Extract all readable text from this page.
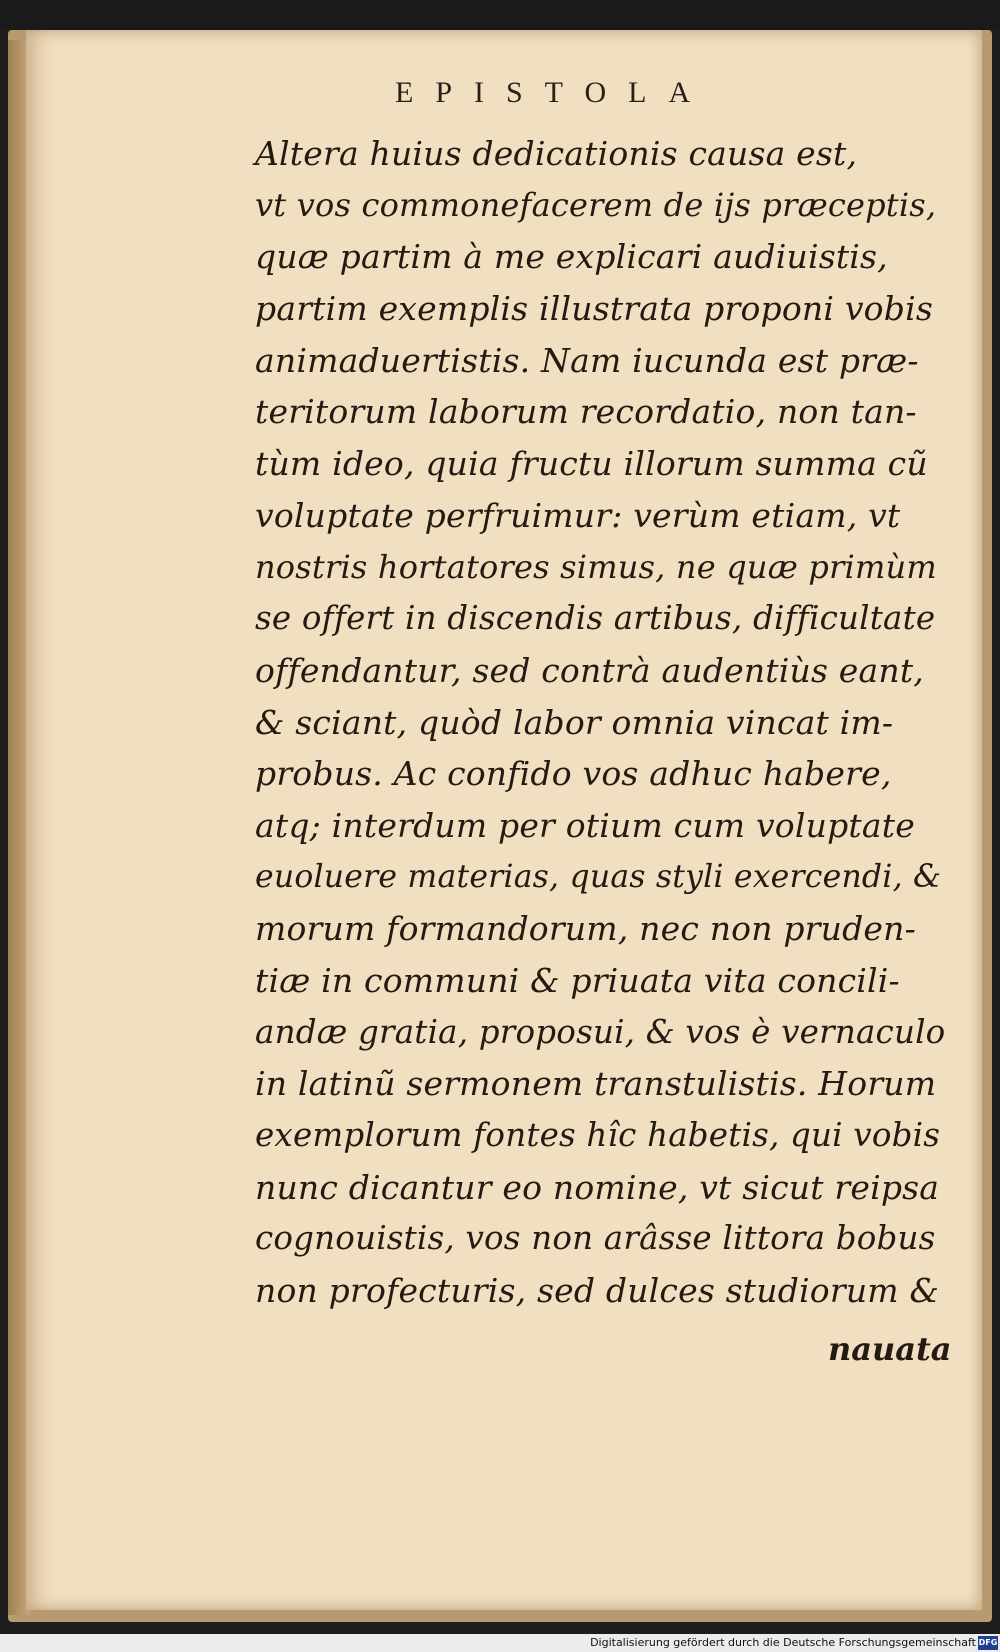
EPISTOLA
Altera huius dedicationis causa est,
vt vos commonefacerem de ijs præceptis,
quæ partim à me explicari audiuistis,
partim exemplis illustrata proponi vobis
animaduertistis. Nam iucunda est præ-
teritorum laborum recordatio, non tan-
tùm ideo, quia fructu illorum summa cũ
voluptate perfruimur: verùm etiam, vt
nostris hortatores simus, ne quæ primùm
se offert in discendis artibus, difficultate
offendantur, sed contrà audentiùs eant,
& sciant, quòd labor omnia vincat im-
probus. Ac confido vos adhuc habere,
atq; interdum per otium cum voluptate
euoluere materias, quas styli exercendi, &
morum formandorum, nec non pruden-
tiæ in communi & priuata vita concili-
andæ gratia, proposui, & vos è vernaculo
in latinũ sermonem transtulistis. Horum
exemplorum fontes hîc habetis, qui vobis
nunc dicantur eo nomine, vt sicut reipsa
cognouistis, vos non arâsse littora bobus
non profecturis, sed dulces studiorum &
nauata
Digitalisierung gefördert durch die Deutsche Forschungsgemeinschaft DFG
